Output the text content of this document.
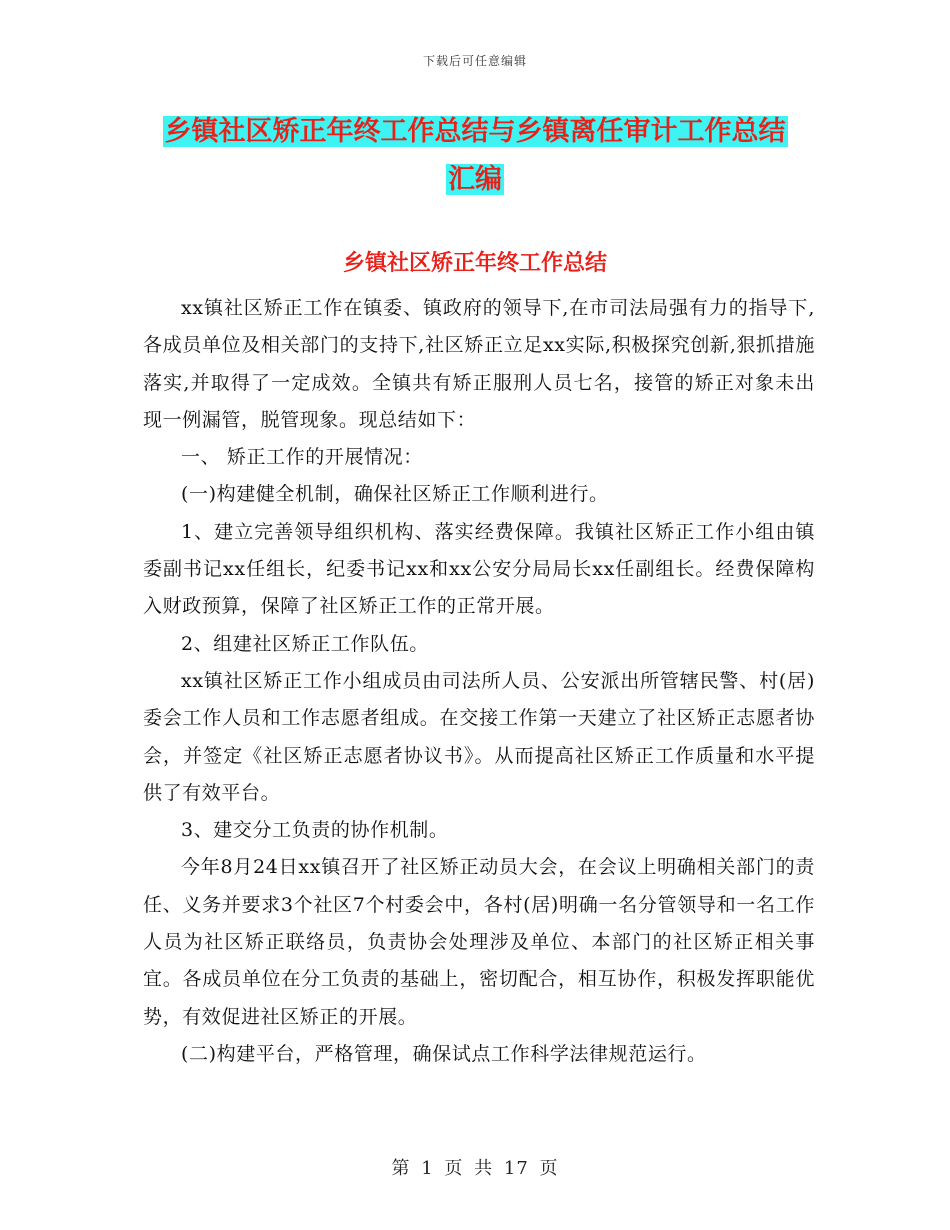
下载后可任意编辑
乡镇社区矫正年终工作总结与乡镇离任审计工作总结
汇编
乡镇社区矫正年终工作总结

xx镇社区矫正工作在镇委、镇政府的领导下,在市司法局强有力的指导下,各成员单位及相关部门的支持下,社区矫正立足xx实际,积极探究创新,狠抓措施落实,并取得了一定成效。全镇共有矫正服刑人员七名，接管的矫正对象未出现一例漏管，脱管现象。现总结如下：

一、 矫正工作的开展情况：

(一)构建健全机制，确保社区矫正工作顺利进行。

1、建立完善领导组织机构、落实经费保障。我镇社区矫正工作小组由镇委副书记xx任组长，纪委书记xx和xx公安分局局长xx任副组长。经费保障构入财政预算，保障了社区矫正工作的正常开展。

2、组建社区矫正工作队伍。

xx镇社区矫正工作小组成员由司法所人员、公安派出所管辖民警、村(居)委会工作人员和工作志愿者组成。在交接工作第一天建立了社区矫正志愿者协会，并签定《社区矫正志愿者协议书》。从而提高社区矫正工作质量和水平提供了有效平台。

3、建交分工负责的协作机制。

今年8月24日xx镇召开了社区矫正动员大会，在会议上明确相关部门的责任、义务并要求3个社区7个村委会中，各村(居)明确一名分管领导和一名工作人员为社区矫正联络员，负责协会处理涉及单位、本部门的社区矫正相关事宜。各成员单位在分工负责的基础上，密切配合，相互协作，积极发挥职能优势，有效促进社区矫正的开展。

(二)构建平台，严格管理，确保试点工作科学法律规范运行。

第 1 页 共 17 页
